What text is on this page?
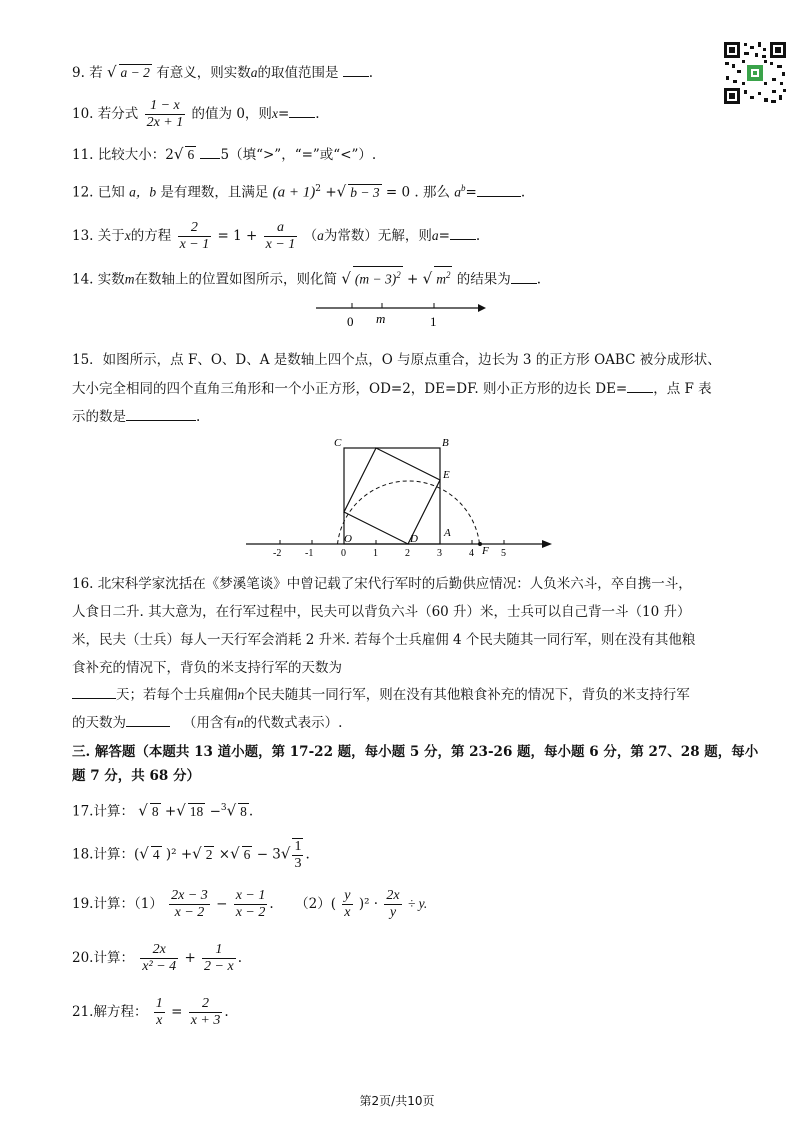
9. 若 √ a − 2 有意义，则实数a的取值范围是 .
10. 若分式 $\frac{1 - x}{2x + 1}$ 的值为 0，则x= .
11. 比较大小：2√ 6 5（填“>”，“=”或“<”）.
12. 已知 a，b 是有理数，且满足 $(a + 1)^2$ +√ b − 3 = 0 . 那么 $a^b=$	.
13. 关于x的方程 $\frac{2}{x - 1} = 1 + \frac{a}{x - 1} (a$为常数）无解，则a= .
14. 实数m在数轴上的位置如图所示，则化简 √ $(m - 3)^2$ + √ $m^2$ 的结果为 .
0 m	1
15．如图所示，点 F、O、D、A 是数轴上四个点，O 与原点重合，边长为 3 的正方形 OABC 被分成形状、
大小完全相同的四个直角三角形和一个小正方形，OD=2，DE=DF. 则小正方形的边长 DE= ，点 F 表
示的数是	.
-2 -1	0	1	2	3	4	5
C	B
E
O	D A
F
16. 北宋科学家沈括在《梦溪笔谈》中曾记载了宋代行军时的后勤供应情况：人负米六斗，卒自携一斗，
人食日二升. 其大意为，在行军过程中，民夫可以背负六斗（60 升）米，士兵可以自己背一斗（10 升）
米，民夫（士兵）每人一天行军会消耗 2 升米. 若每个士兵雇佣 4 个民夫随其一同行军，则在没有其他粮
食补充的情况下，背负的米支持行军的天数为
天；若每个士兵雇佣n个民夫随其一同行军，则在没有其他粮食补充的情况下，背负的米支持行军
的天数为	（用含有n的代数式表示）.
三. 解答题（本题共 13 道小题，第 17-22 题，每小题 5 分，第 23-26 题，每小题 6 分，第 27、28 题，每小
题 7 分，共 68 分）
17.计算： √ 8 +√ 18 −$^3$√ 8 .
18.计算：(√ 4 )² +√ 2 ×√ $6 - 3√ \frac{1}{3}$ .
19.计算：$(1) \frac{2x - 3}{x - 2} - \frac{x - 1}{x - 2}$ . $(2)( \frac{y}{x} )^2 \cdot \frac{2x}{y} \div y$.
20.计算： $\frac{2x}{\text{x² − 4}} + \frac{1}{2 - x}$ .
21.解方程： $\frac{1}{x} = \frac{2}{x + 3}$ .
第2页/共10页
